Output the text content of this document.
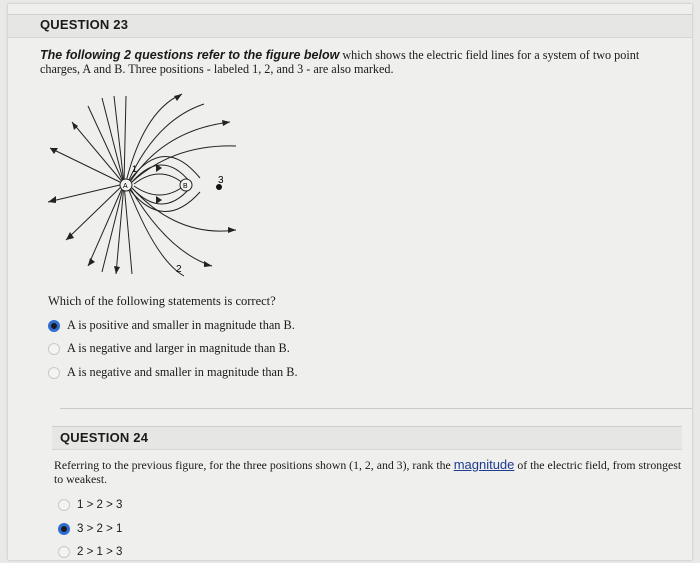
QUESTION 23
The following 2 questions refer to the figure below which shows the electric field lines for a system of two point charges, A and B. Three positions - labeled 1, 2, and 3 - are also marked.
A	B
1
2
3
Which of the following statements is correct?
A is positive and smaller in magnitude than B.
A is negative and larger in magnitude than B.
A is negative and smaller in magnitude than B.
QUESTION 24
Referring to the previous figure, for the three positions shown (1, 2, and 3), rank the magnitude of the electric field, from strongest to weakest.
1 > 2 > 3
3 > 2 > 1
2 > 1 > 3
